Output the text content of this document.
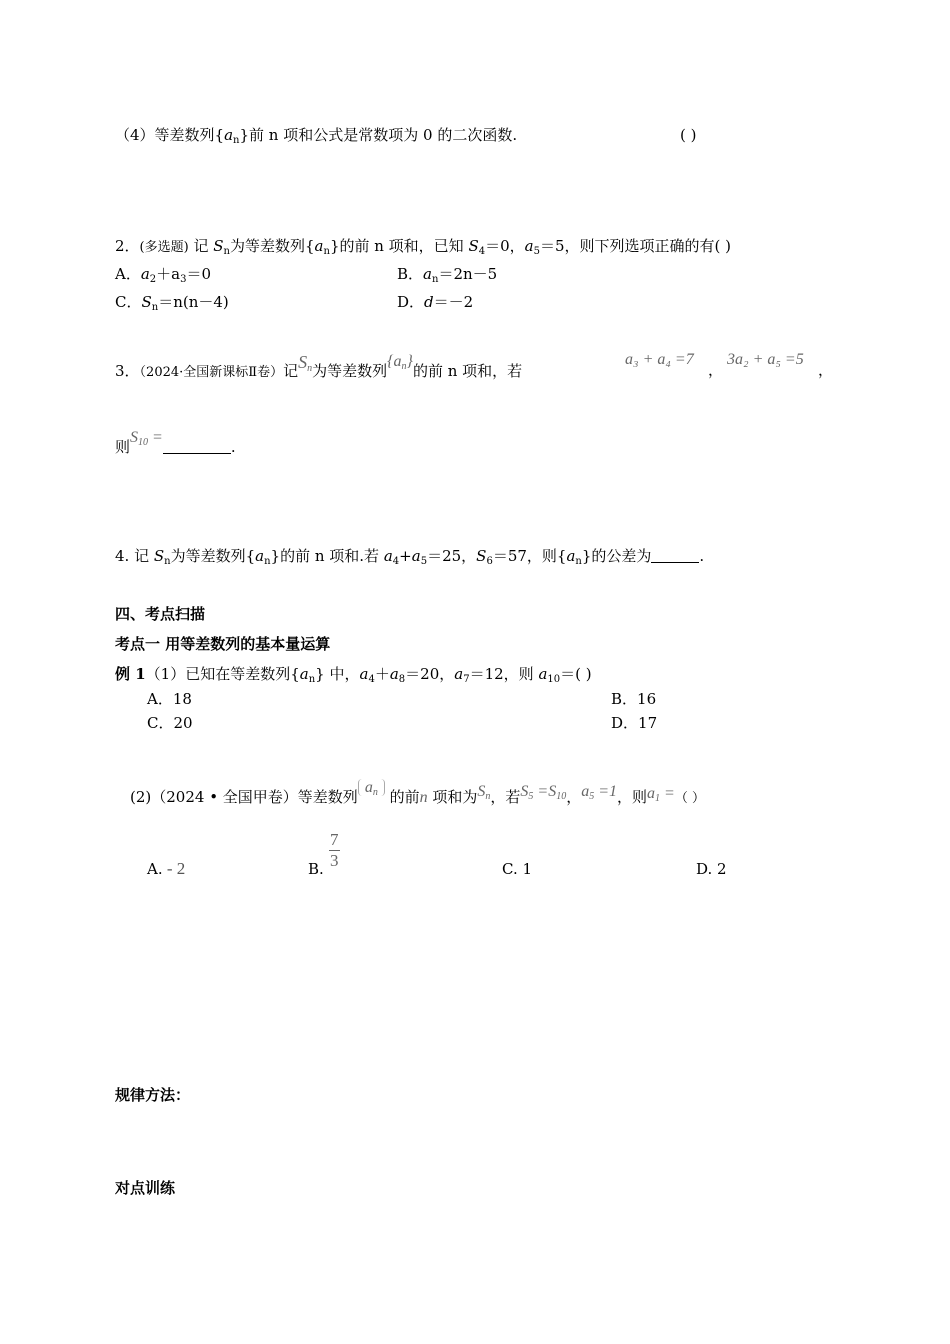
（4）等差数列$\{a_n\}$前 n 项和公式是常数项为 0 的二次函数.	( )
2．(多选题) 记 $S_n$为等差数列$\{a_n\}$的前 n 项和，已知 $S_4=0$，$a_5=5$，则下列选项正确的有( )
A．$a_2+a_3=0$	B．$a_n=2n-5$
C．$S_n=n(n-4)$	D．d＝－2
3．（2024·全国新课标Ⅱ卷）记$S_n$为等差数列$\{a_n\}$的前 n 项和，若
a₃ + a₄ =7
，
3a₂ + a₅ =5
，
则$S_{10}$ =.
4. 记 $S_n$为等差数列$\{a_n\}$的前 n 项和.若 $a_4+a_5=25$，$S_6=57$，则$\{a_n\}$的公差为	.
四、考点扫描
考点一 用等差数列的基本量运算
例 1（1）已知在等差数列$\{a_n\}$ 中，$a_4+a_8=20$，$a_7=12$，则 $a_{10}=$( )
A．18	B．16
C．20	D．17
(2)（2024 • 全国甲卷）等差数列$a_n$ 的前n 项和为$S_n$，若$S_5 =S_{10}$，$a_5 =1$，则$a_1$ =（ ）
A. - 2	B. $\frac{7}{3}$	C. 1	D. 2
规律方法：
对点训练
